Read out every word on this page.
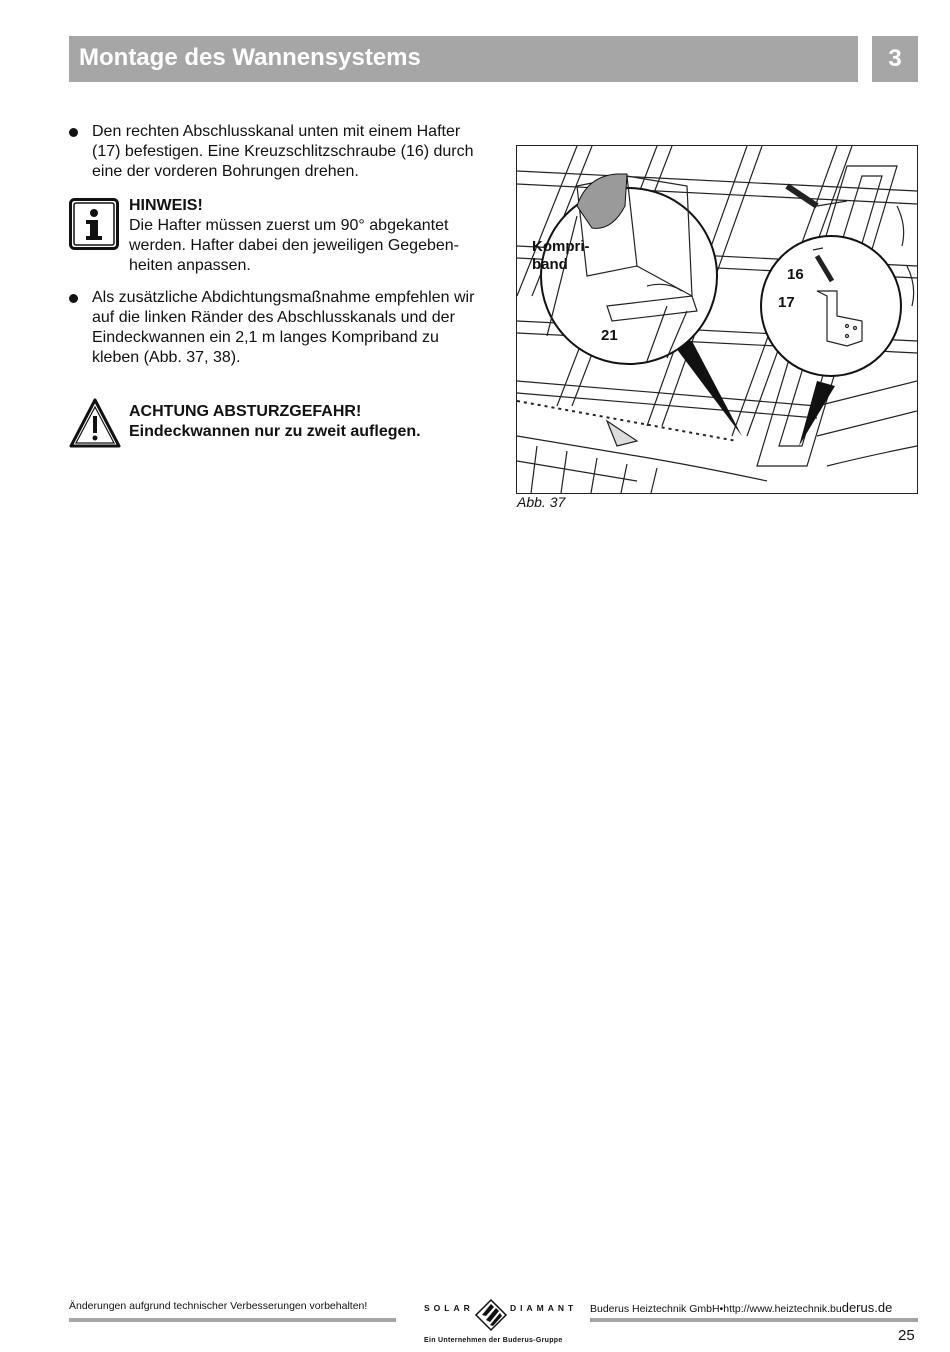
Montage des Wannensystems	3
Den rechten Abschlusskanal unten mit einem Hafter (17) befestigen. Eine Kreuzschlitzschraube (16) durch eine der vorderen Bohrungen drehen.
HINWEIS!
Die Hafter müssen zuerst um 90° abgekantet werden. Hafter dabei den jeweiligen Gegeben-heiten anpassen.
Als zusätzliche Abdichtungsmaßnahme empfehlen wir auf die linken Ränder des Abschlusskanals und der Eindeckwannen ein 2,1 m langes Kompriband zu kleben (Abb. 37, 38).
ACHTUNG ABSTURZGEFAHR!
Eindeckwannen nur zu zweit auflegen.
Kompri-
band
16
17
21
Abb. 37
Änderungen aufgrund technischer Verbesserungen vorbehalten!	SOLAR	DIAMANT
Ein Unternehmen der Buderus-Gruppe
Buderus Heiztechnik GmbH•http://www.heiztechnik.buderus.de
25
